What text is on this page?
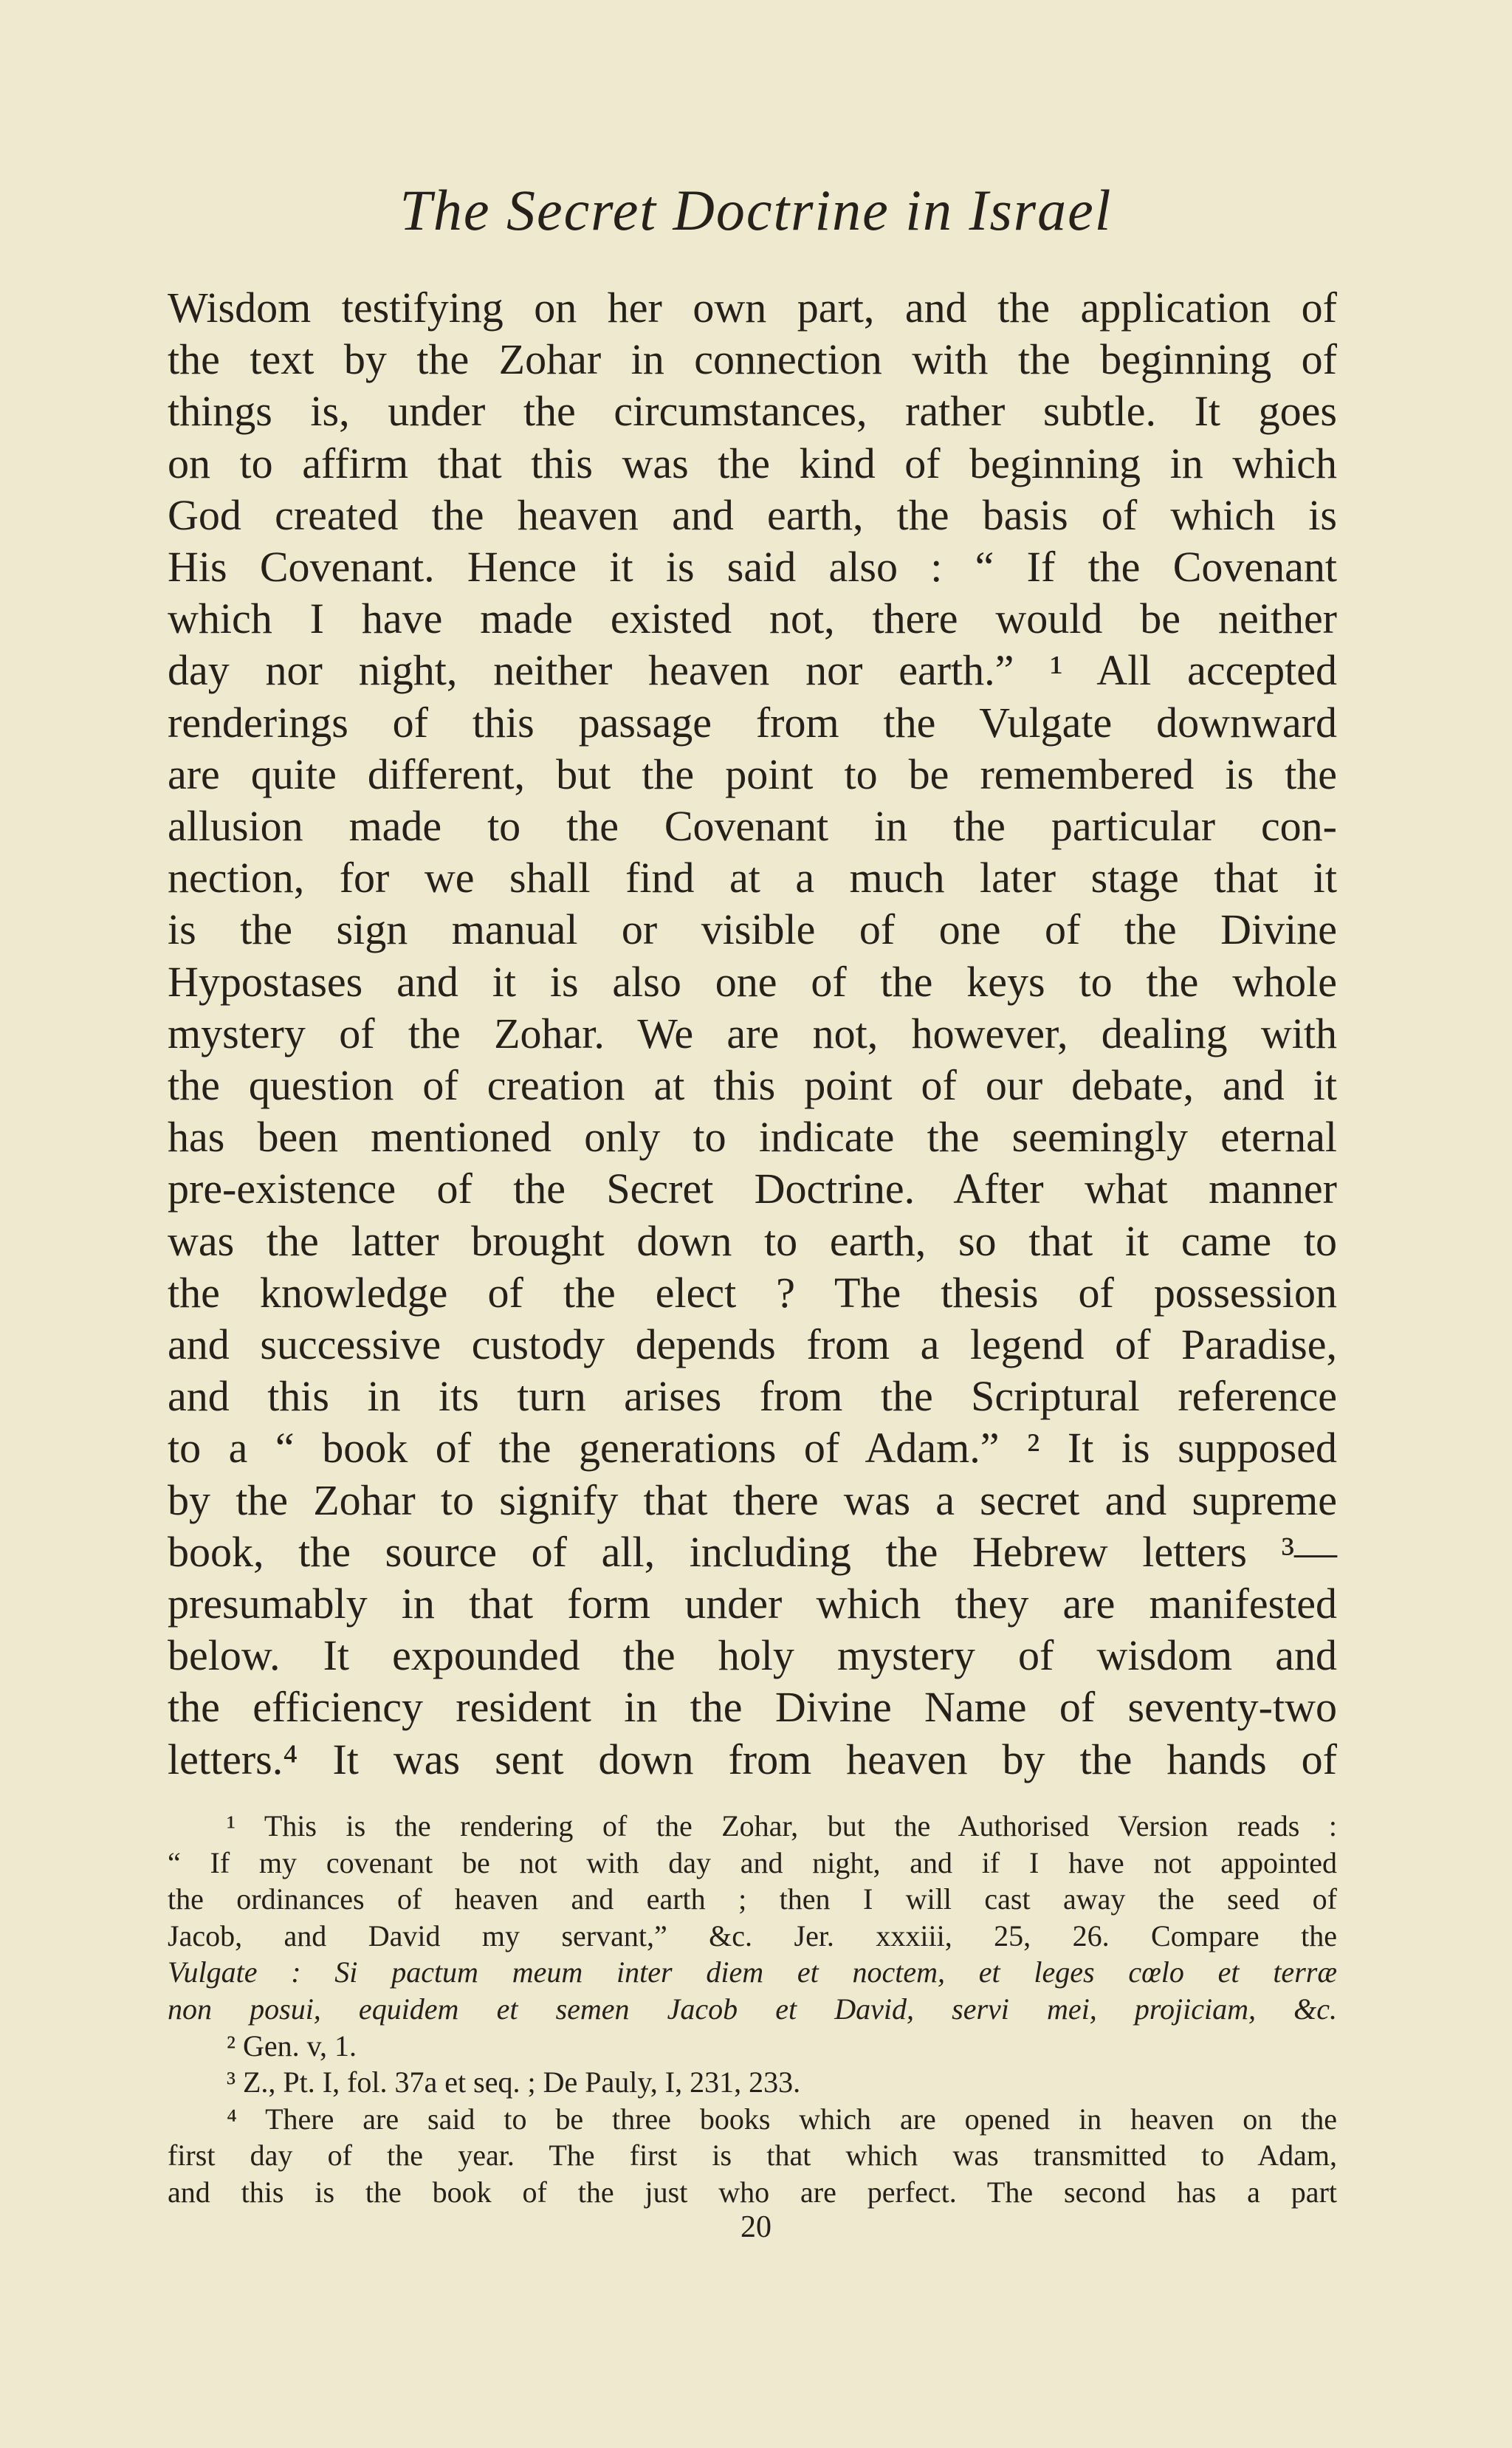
The Secret Doctrine in Israel
Wisdom testifying on her own part, and the application of
the text by the Zohar in connection with the beginning of
things is, under the circumstances, rather subtle. It goes
on to affirm that this was the kind of beginning in which
God created the heaven and earth, the basis of which is
His Covenant. Hence it is said also : “ If the Covenant
which I have made existed not, there would be neither
day nor night, neither heaven nor earth.” ¹ All accepted
renderings of this passage from the Vulgate downward
are quite different, but the point to be remembered is the
allusion made to the Covenant in the particular con-
nection, for we shall find at a much later stage that it
is the sign manual or visible of one of the Divine
Hypostases and it is also one of the keys to the whole
mystery of the Zohar. We are not, however, dealing with
the question of creation at this point of our debate, and it
has been mentioned only to indicate the seemingly eternal
pre-existence of the Secret Doctrine. After what manner
was the latter brought down to earth, so that it came to
the knowledge of the elect ? The thesis of possession
and successive custody depends from a legend of Paradise,
and this in its turn arises from the Scriptural reference
to a “ book of the generations of Adam.” ² It is supposed
by the Zohar to signify that there was a secret and supreme
book, the source of all, including the Hebrew letters ³—
presumably in that form under which they are manifested
below. It expounded the holy mystery of wisdom and
the efficiency resident in the Divine Name of seventy-two
letters.⁴ It was sent down from heaven by the hands of
¹ This is the rendering of the Zohar, but the Authorised Version reads :
“ If my covenant be not with day and night, and if I have not appointed
the ordinances of heaven and earth ; then I will cast away the seed of
Jacob, and David my servant,” &c. Jer. xxxiii, 25, 26. Compare the
Vulgate : Si pactum meum inter diem et noctem, et leges cœlo et terræ
non posui, equidem et semen Jacob et David, servi mei, projiciam, &c.
² Gen. v, 1.
³ Z., Pt. I, fol. 37a et seq. ; De Pauly, I, 231, 233.
⁴ There are said to be three books which are opened in heaven on the
first day of the year. The first is that which was transmitted to Adam,
and this is the book of the just who are perfect. The second has a part
20
